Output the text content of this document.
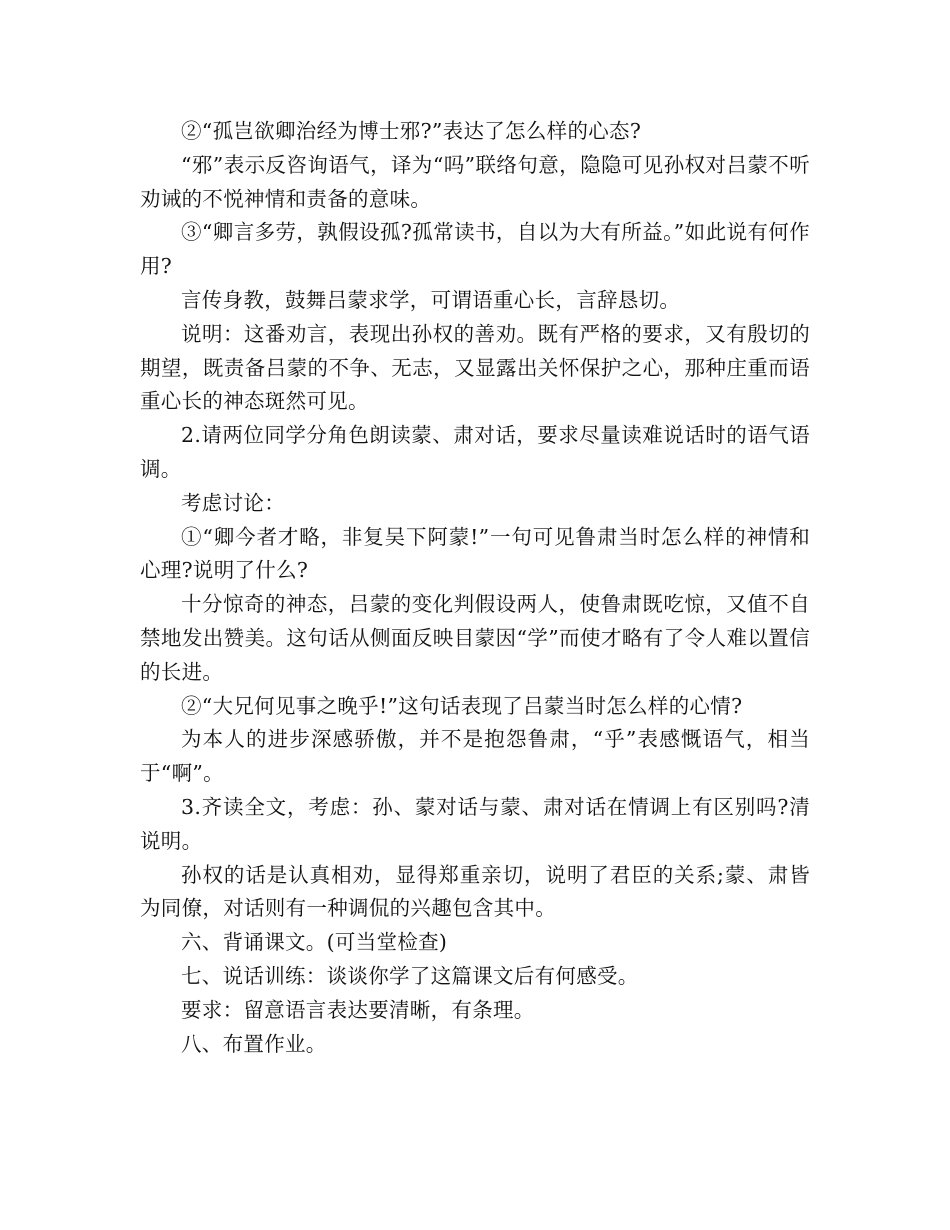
②“孤岂欲卿治经为博士邪?”表达了怎么样的心态?

“邪”表示反咨询语气，译为“吗”联络句意，隐隐可见孙权对吕蒙不听劝诫的不悦神情和责备的意味。

③“卿言多劳，孰假设孤?孤常读书，自以为大有所益。”如此说有何作用?

言传身教，鼓舞吕蒙求学，可谓语重心长，言辞恳切。

说明：这番劝言，表现出孙权的善劝。既有严格的要求，又有殷切的期望，既责备吕蒙的不争、无志，又显露出关怀保护之心，那种庄重而语重心长的神态斑然可见。

2.请两位同学分角色朗读蒙、肃对话，要求尽量读难说话时的语气语调。

考虑讨论：

①“卿今者才略，非复吴下阿蒙!”一句可见鲁肃当时怎么样的神情和心理?说明了什么?

十分惊奇的神态，吕蒙的变化判假设两人，使鲁肃既吃惊，又值不自禁地发出赞美。这句话从侧面反映目蒙因“学”而使才略有了令人难以置信的长进。

②“大兄何见事之晚乎!”这句话表现了吕蒙当时怎么样的心情?

为本人的进步深感骄傲，并不是抱怨鲁肃，“乎”表感慨语气，相当于“啊”。

3.齐读全文，考虑：孙、蒙对话与蒙、肃对话在情调上有区别吗?清说明。

孙权的话是认真相劝，显得郑重亲切，说明了君臣的关系;蒙、肃皆为同僚，对话则有一种调侃的兴趣包含其中。

六、背诵课文。(可当堂检查)

七、说话训练：谈谈你学了这篇课文后有何感受。

要求：留意语言表达要清晰，有条理。

八、布置作业。
